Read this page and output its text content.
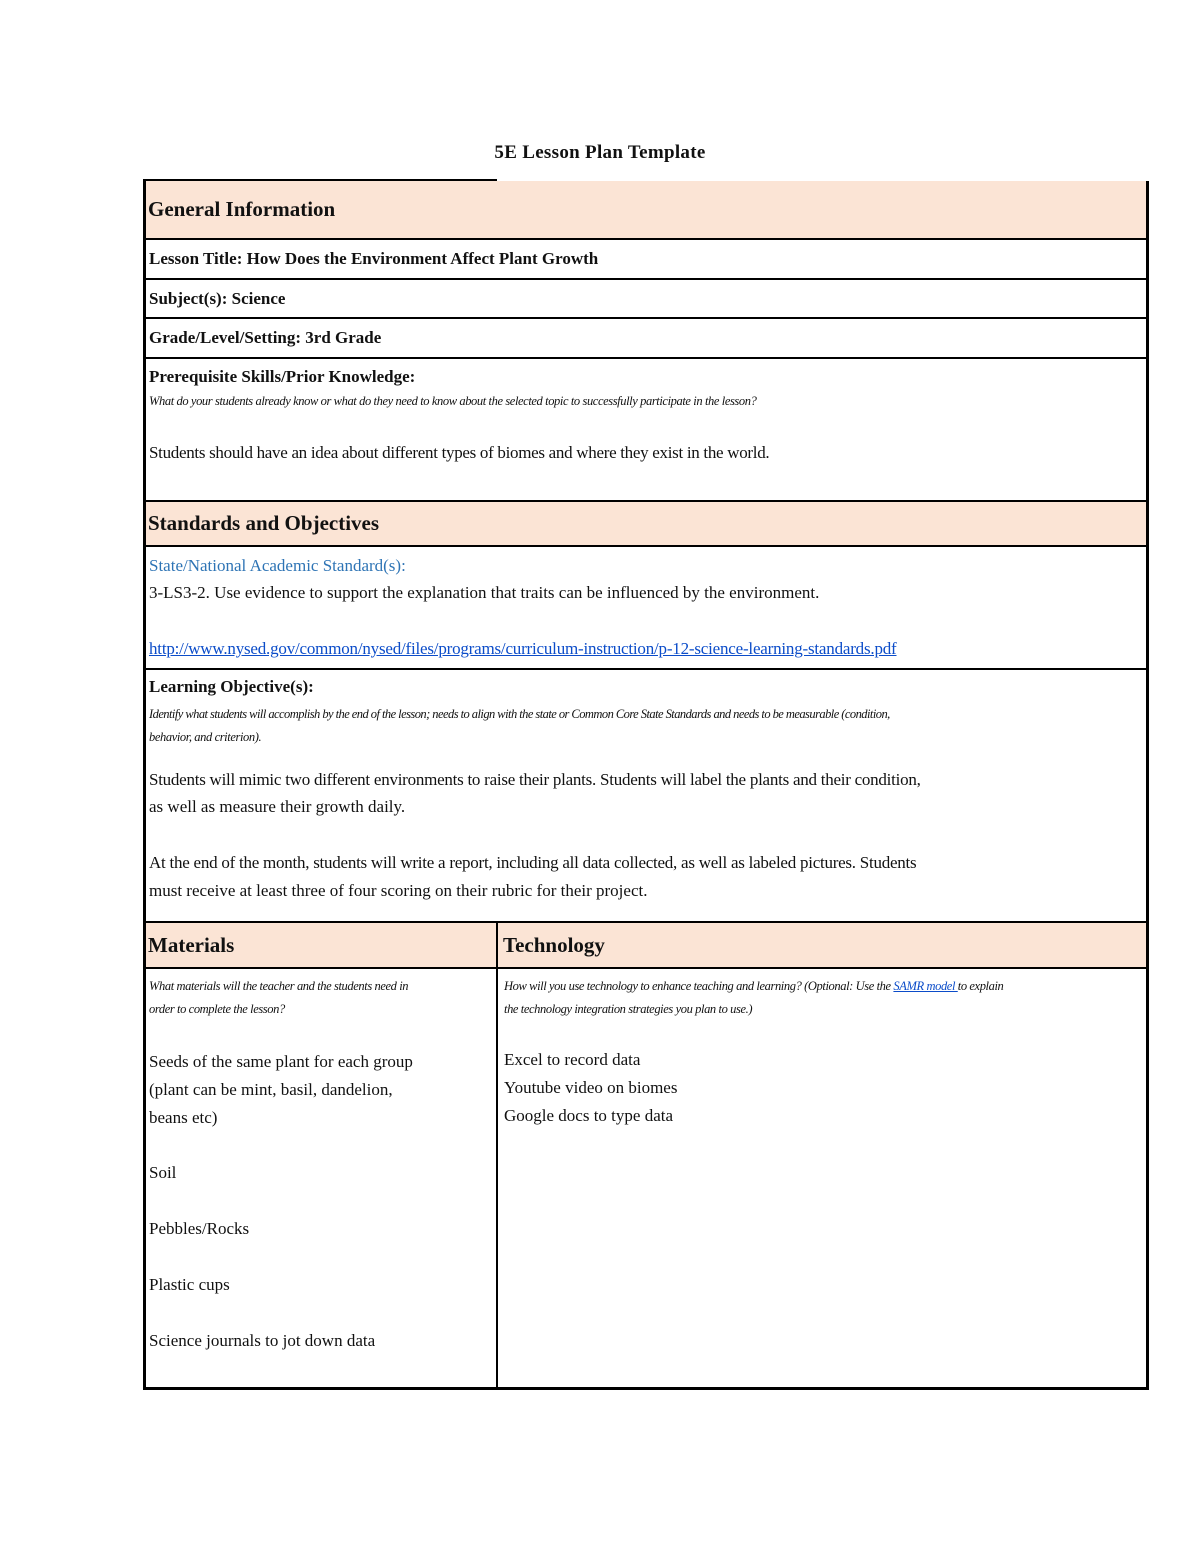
5E Lesson Plan Template
General Information
Lesson Title: How Does the Environment Affect Plant Growth
Subject(s): Science
Grade/Level/Setting: 3rd Grade
Prerequisite Skills/Prior Knowledge:
What do your students already know or what do they need to know about the selected topic to successfully participate in the lesson?
Students should have an idea about different types of biomes and where they exist in the world.
Standards and Objectives
State/National Academic Standard(s):
3-LS3-2. Use evidence to support the explanation that traits can be influenced by the environment.
http://www.nysed.gov/common/nysed/files/programs/curriculum-instruction/p-12-science-learning-standards.pdf
Learning Objective(s):
Identify what students will accomplish by the end of the lesson; needs to align with the state or Common Core State Standards and needs to be measurable (condition,
behavior, and criterion).
Students will mimic two different environments to raise their plants. Students will label the plants and their condition,
as well as measure their growth daily.
At the end of the month, students will write a report, including all data collected, as well as labeled pictures. Students
must receive at least three of four scoring on their rubric for their project.
Materials
What materials will the teacher and the students need in
order to complete the lesson?
Seeds of the same plant for each group
(plant can be mint, basil, dandelion,
beans etc)
Soil
Pebbles/Rocks
Plastic cups
Science journals to jot down data
Technology
How will you use technology to enhance teaching and learning? (Optional: Use the SAMR model to explain
the technology integration strategies you plan to use.)
Excel to record data
Youtube video on biomes
Google docs to type data
